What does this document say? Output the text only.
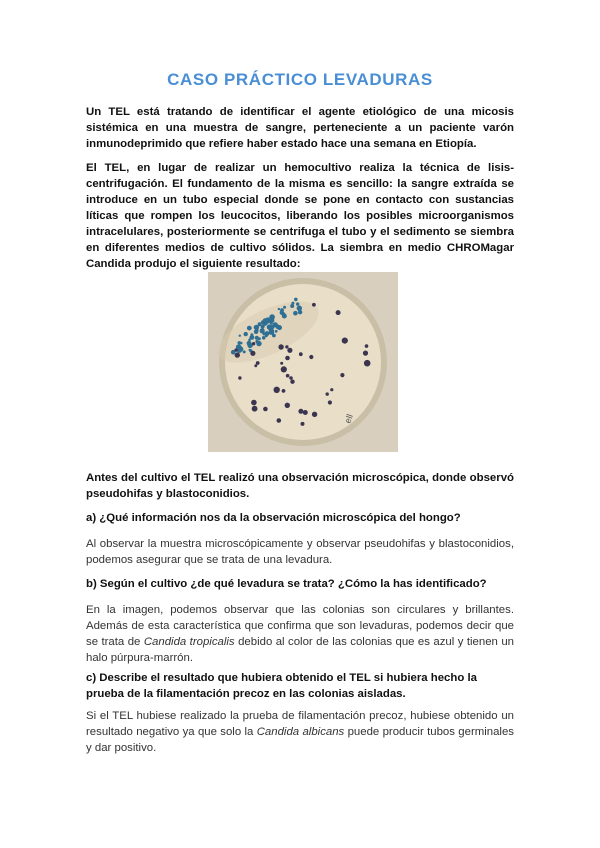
CASO PRÁCTICO LEVADURAS

Un TEL está tratando de identificar el agente etiológico de una micosis sistémica en una muestra de sangre, perteneciente a un paciente varón inmunodeprimido que refiere haber estado hace una semana en Etiopía.

El TEL, en lugar de realizar un hemocultivo realiza la técnica de lisis-centrifugación. El fundamento de la misma es sencillo: la sangre extraída se introduce en un tubo especial donde se pone en contacto con sustancias líticas que rompen los leucocitos, liberando los posibles microorganismos intracelulares, posteriormente se centrifuga el tubo y el sedimento se siembra en diferentes medios de cultivo sólidos. La siembra en medio CHROMagar Candida produjo el siguiente resultado:

ell

Antes del cultivo el TEL realizó una observación microscópica, donde observó pseudohifas y blastoconidios.

a) ¿Qué información nos da la observación microscópica del hongo?

Al observar la muestra microscópicamente y observar pseudohifas y blastoconidios, podemos asegurar que se trata de una levadura.

b) Según el cultivo ¿de qué levadura se trata? ¿Cómo la has identificado?

En la imagen, podemos observar que las colonias son circulares y brillantes. Además de esta característica que confirma que son levaduras, podemos decir que se trata de Candida tropicalis debido al color de las colonias que es azul y tienen un halo púrpura-marrón.

c) Describe el resultado que hubiera obtenido el TEL si hubiera hecho la prueba de la filamentación precoz en las colonias aisladas.

Si el TEL hubiese realizado la prueba de filamentación precoz, hubiese obtenido un resultado negativo ya que solo la Candida albicans puede producir tubos germinales y dar positivo.
